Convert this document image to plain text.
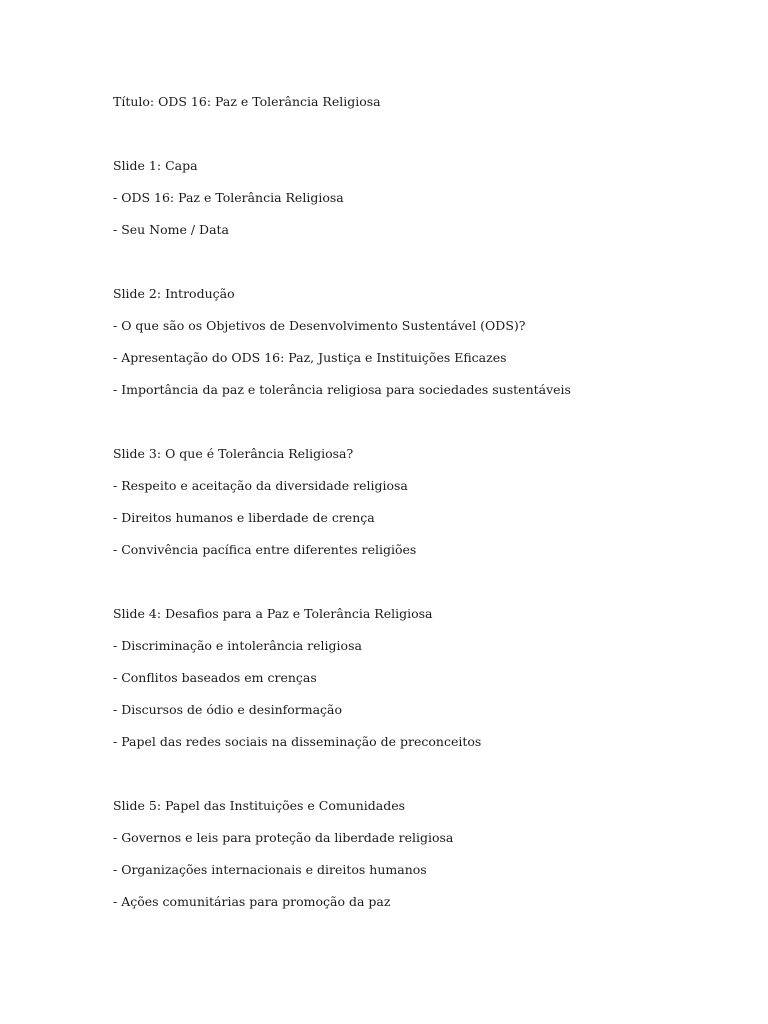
Título: ODS 16: Paz e Tolerância Religiosa

Slide 1: Capa

- ODS 16: Paz e Tolerância Religiosa

- Seu Nome / Data

Slide 2: Introdução

- O que são os Objetivos de Desenvolvimento Sustentável (ODS)?

- Apresentação do ODS 16: Paz, Justiça e Instituições Eficazes

- Importância da paz e tolerância religiosa para sociedades sustentáveis

Slide 3: O que é Tolerância Religiosa?

- Respeito e aceitação da diversidade religiosa

- Direitos humanos e liberdade de crença

- Convivência pacífica entre diferentes religiões

Slide 4: Desafios para a Paz e Tolerância Religiosa

- Discriminação e intolerância religiosa

- Conflitos baseados em crenças

- Discursos de ódio e desinformação

- Papel das redes sociais na disseminação de preconceitos

Slide 5: Papel das Instituições e Comunidades

- Governos e leis para proteção da liberdade religiosa

- Organizações internacionais e direitos humanos

- Ações comunitárias para promoção da paz
